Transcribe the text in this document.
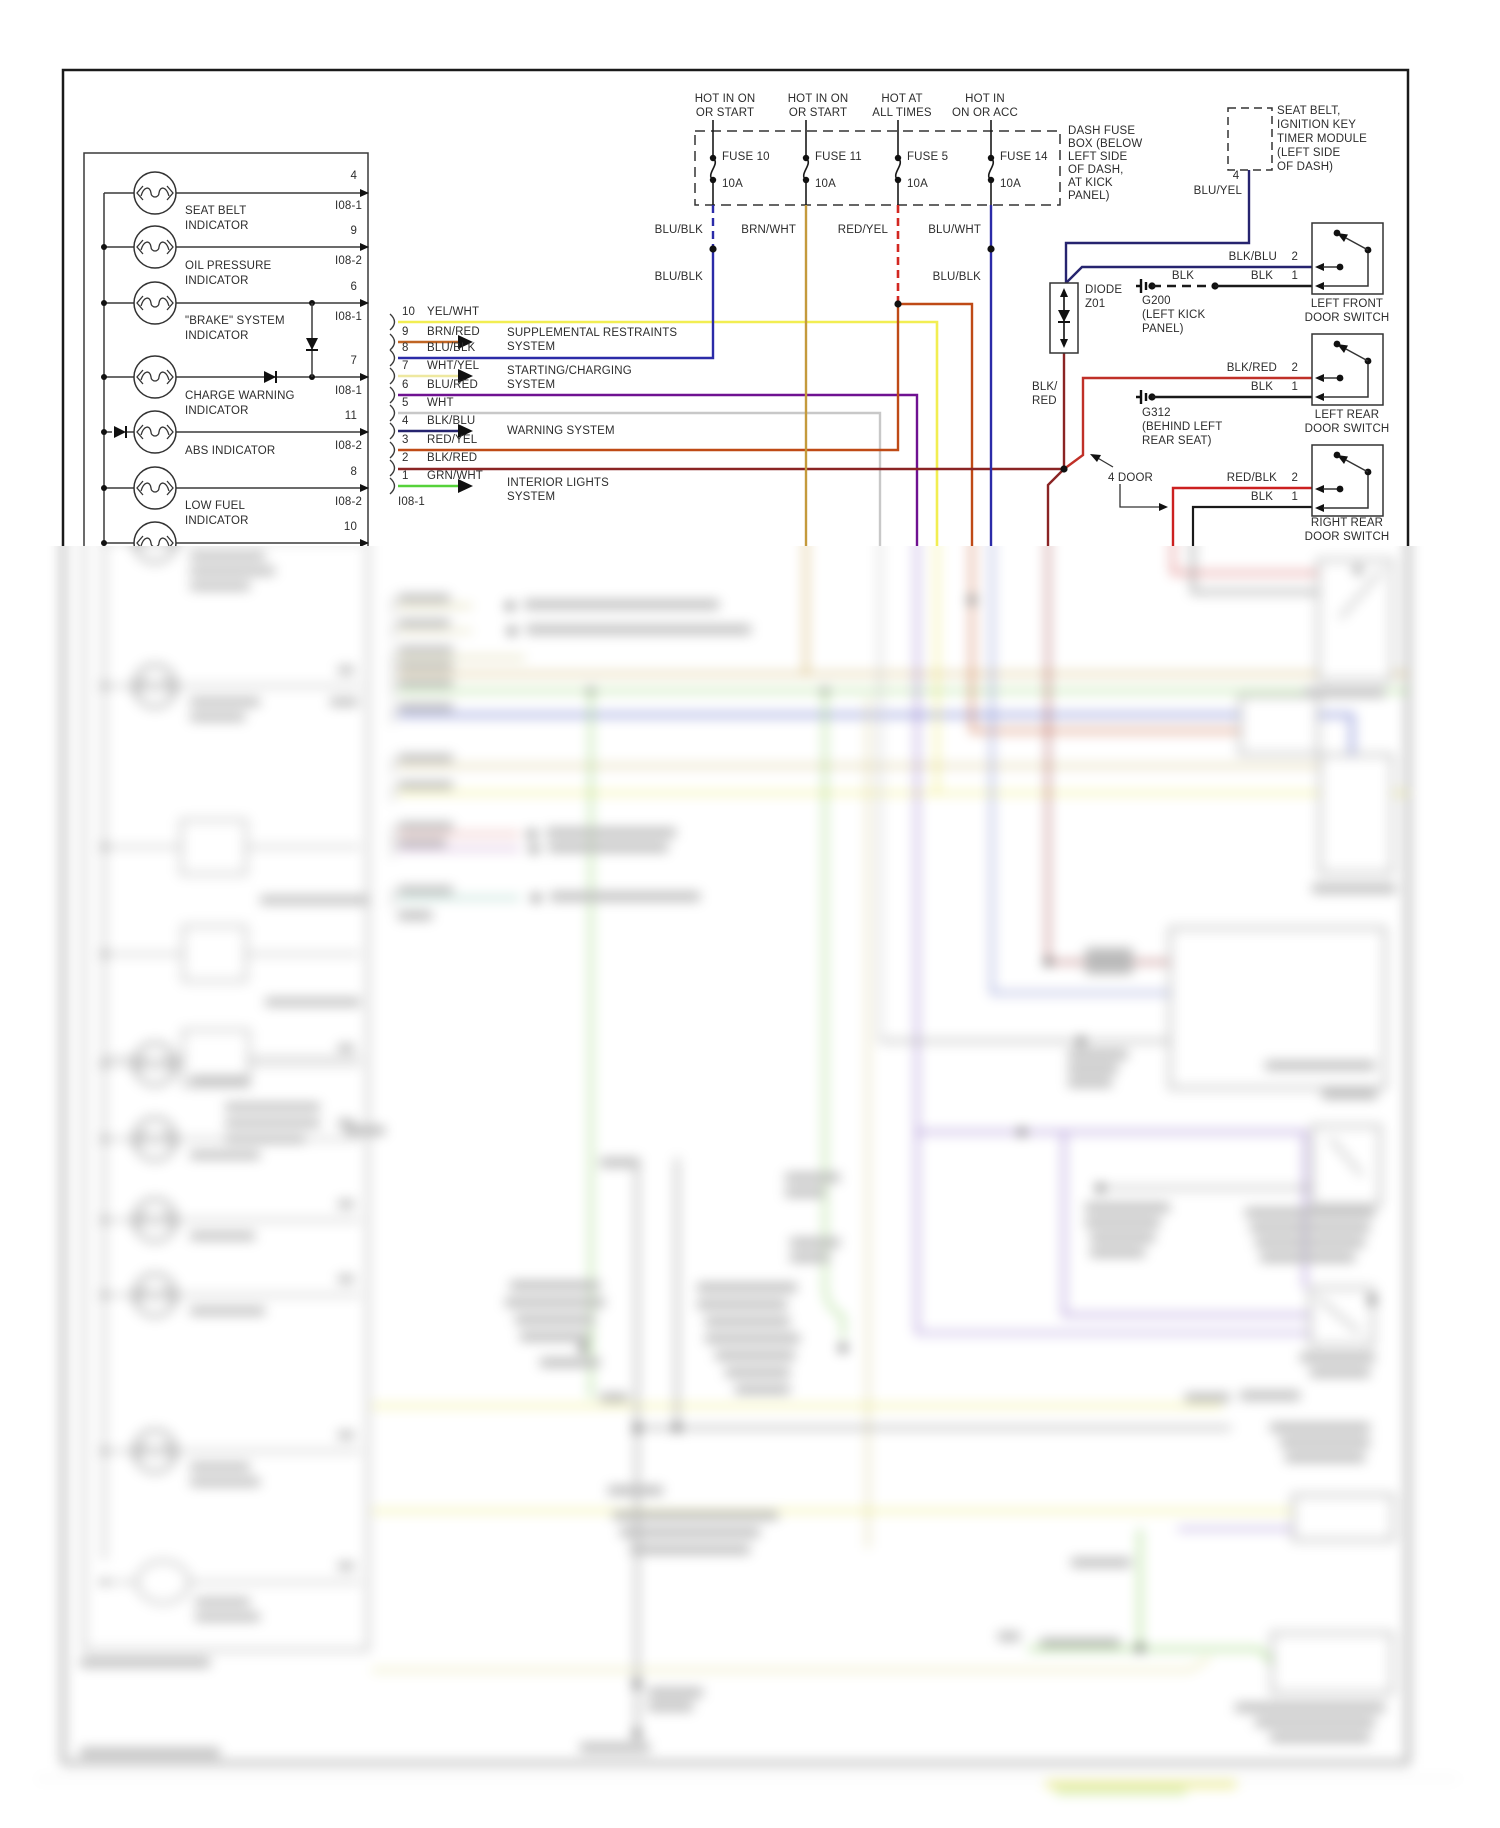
HOT IN ON
OR START
HOT IN ON
OR START
HOT AT
ALL TIMES
HOT IN
ON OR ACC
FUSE 10
10A
FUSE 11
10A
FUSE 5
10A
FUSE 14
10A
DASH FUSE
BOX (BELOW
LEFT SIDE
OF DASH,
AT KICK
PANEL)
BLU/BLK	BRN/WHT	RED/YEL	BLU/WHT
BLU/BLK	BLU/BLK
SEAT BELT,
IGNITION KEY
TIMER MODULE
(LEFT SIDE
OF DASH)
4
BLU/YEL
DIODE
Z01
BLK/
RED
BLK	BLK
G200
(LEFT KICK
PANEL)
G312
(BEHIND LEFT
REAR SEAT)
BLK/BLU 2
1
LEFT FRONT
DOOR SWITCH
BLK/RED 2
BLK 1
LEFT REAR
DOOR SWITCH
4 DOOR	RED/BLK 2
BLK 1
RIGHT REAR
DOOR SWITCH
SEAT BELT
INDICATOR
OIL PRESSURE
INDICATOR
"BRAKE" SYSTEM
INDICATOR
CHARGE WARNING
INDICATOR
ABS INDICATOR
LOW FUEL
INDICATOR
4
9
6
7
11
8
10
I08-1
I08-2
I08-1
I08-1
I08-2
I08-2
10 YEL/WHT
9 BRN/RED
8 BLU/BLK
7 WHT/YEL
6 BLU/RED
5 WHT
4 BLK/BLU
3 RED/YEL
2 BLK/RED
1 GRN/WHT
I08-1
SUPPLEMENTAL RESTRAINTS
SYSTEM
STARTING/CHARGING
SYSTEM
WARNING SYSTEM
INTERIOR LIGHTS
SYSTEM
